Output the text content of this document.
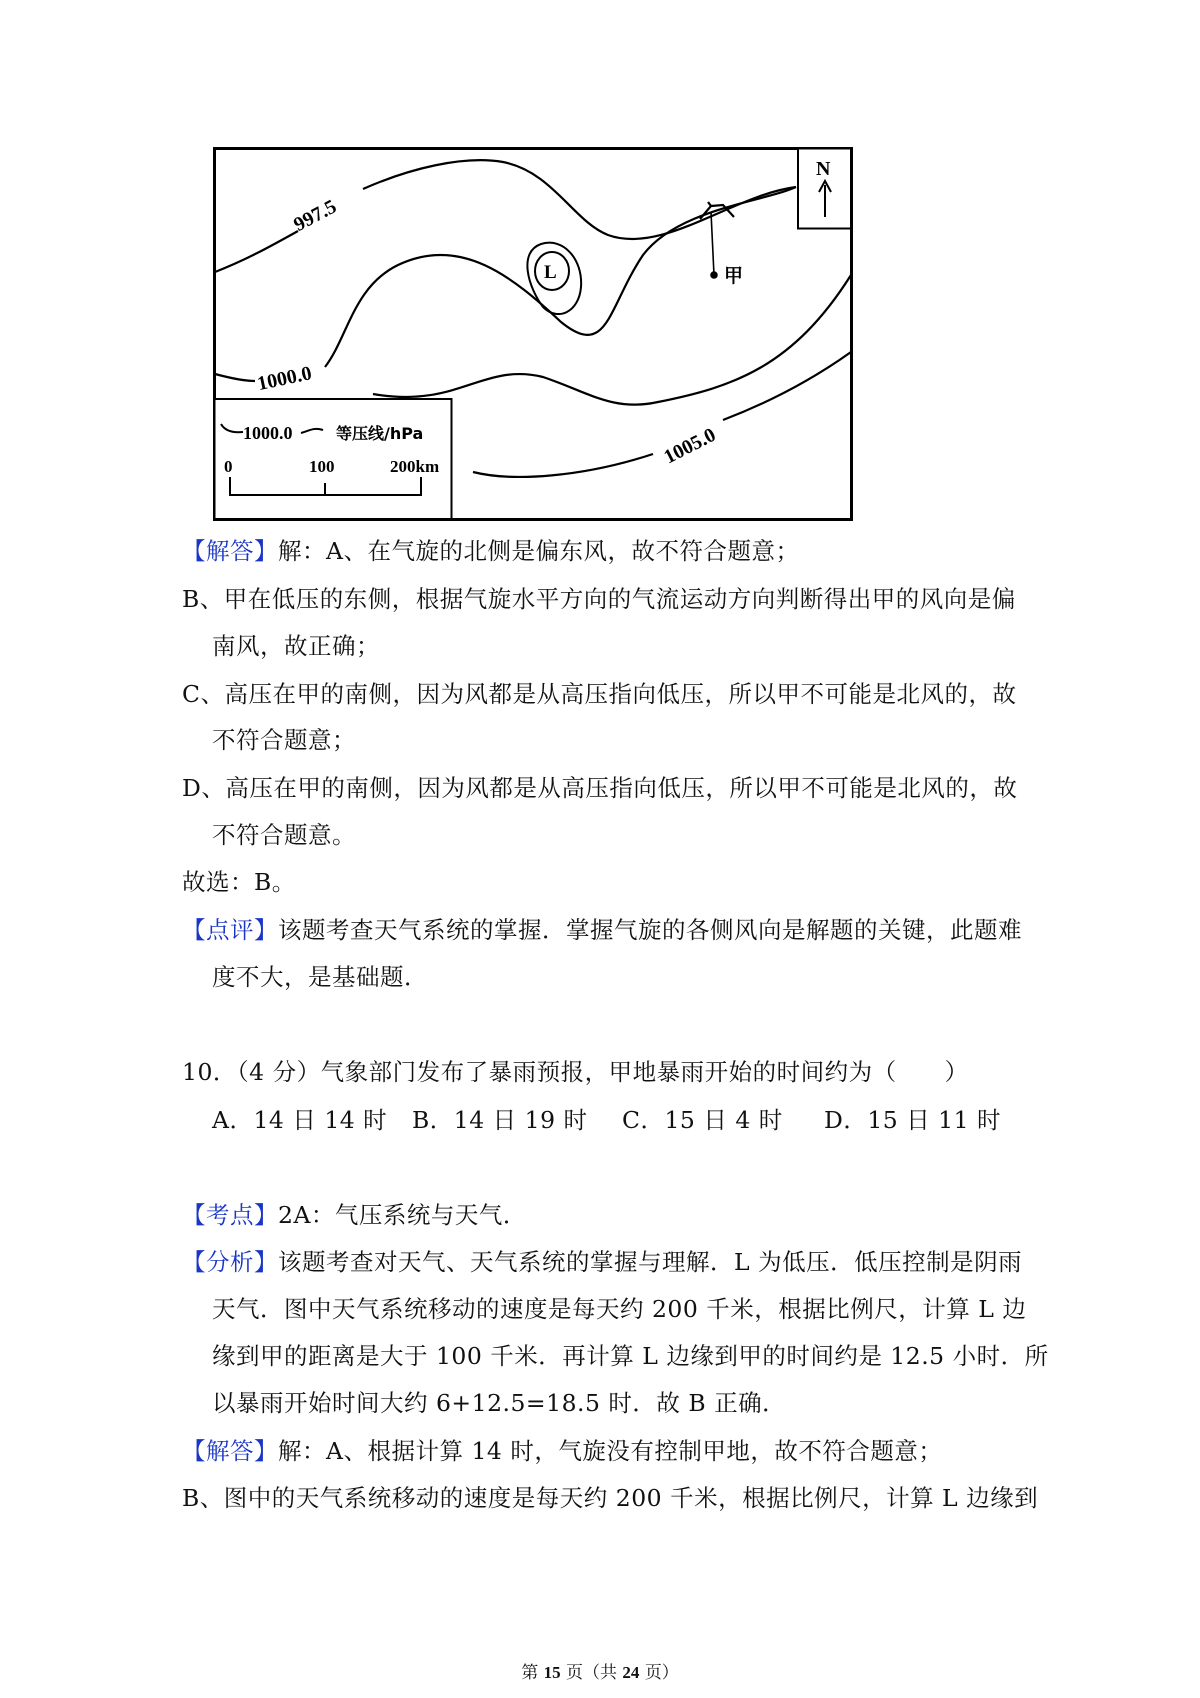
997.5
1000.0
1005.0
L
N
甲
1000.0	等压线/hPa
0	100	200km
【解答】解：A、在气旋的北侧是偏东风，故不符合题意；
B、甲在低压的东侧，根据气旋水平方向的气流运动方向判断得出甲的风向是偏
南风，故正确；
C、高压在甲的南侧，因为风都是从高压指向低压，所以甲不可能是北风的，故
不符合题意；
D、高压在甲的南侧，因为风都是从高压指向低压，所以甲不可能是北风的，故
不符合题意。
故选：B。
【点评】该题考查天气系统的掌握．掌握气旋的各侧风向是解题的关键，此题难
度不大，是基础题．
10．（4 分）气象部门发布了暴雨预报，甲地暴雨开始的时间约为（　　）
A．14 日 14 时 B．14 日 19 时 C．15 日 4 时 D．15 日 11 时
【考点】2A：气压系统与天气．
【分析】该题考查对天气、天气系统的掌握与理解．L 为低压．低压控制是阴雨
天气．图中天气系统移动的速度是每天约 200 千米，根据比例尺，计算 L 边
缘到甲的距离是大于 100 千米．再计算 L 边缘到甲的时间约是 12.5 小时．所
以暴雨开始时间大约 6+12.5=18.5 时．故 B 正确．
【解答】解：A、根据计算 14 时，气旋没有控制甲地，故不符合题意；
B、图中的天气系统移动的速度是每天约 200 千米，根据比例尺，计算 L 边缘到
第 15 页（共 24 页）
